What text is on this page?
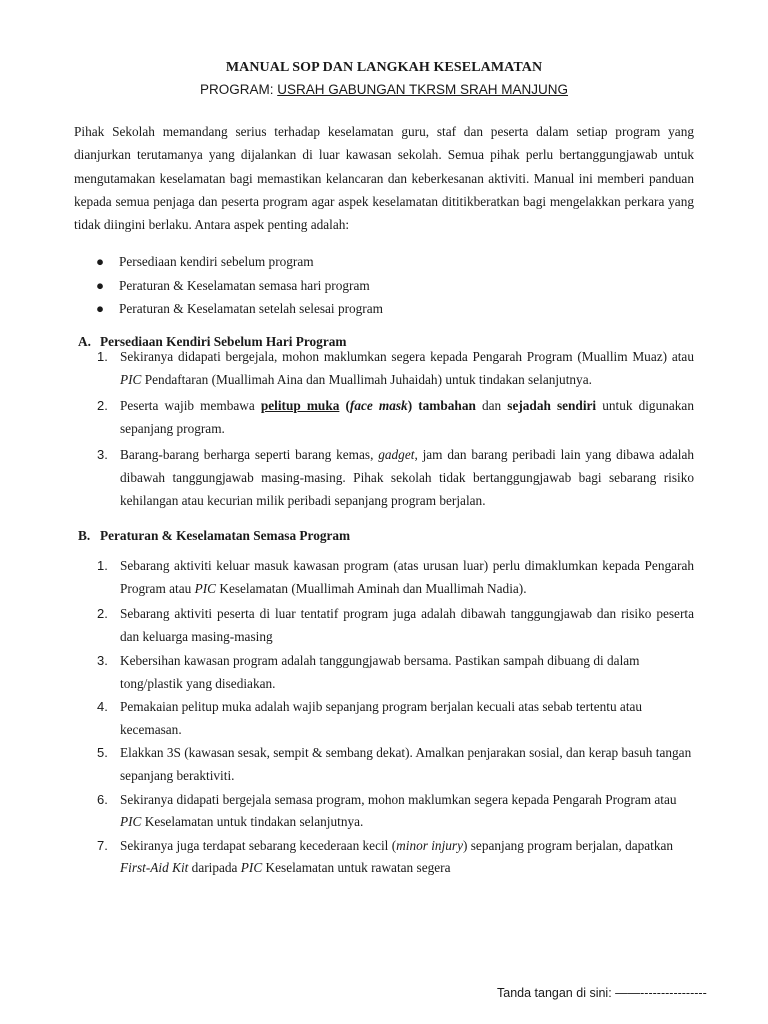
MANUAL SOP DAN LANGKAH KESELAMATAN
PROGRAM: USRAH GABUNGAN TKRSM SRAH MANJUNG

Pihak Sekolah memandang serius terhadap keselamatan guru, staf dan peserta dalam setiap program yang dianjurkan terutamanya yang dijalankan di luar kawasan sekolah. Semua pihak perlu bertanggungjawab untuk mengutamakan keselamatan bagi memastikan kelancaran dan keberkesanan aktiviti. Manual ini memberi panduan kepada semua penjaga dan peserta program agar aspek keselamatan dititikberatkan bagi mengelakkan perkara yang tidak diingini berlaku. Antara aspek penting adalah:

● Persediaan kendiri sebelum program
● Peraturan & Keselamatan semasa hari program
● Peraturan & Keselamatan setelah selesai program
A. Persediaan Kendiri Sebelum Hari Program
1. Sekiranya didapati bergejala, mohon maklumkan segera kepada Pengarah Program (Muallim Muaz) atau PIC Pendaftaran (Muallimah Aina dan Muallimah Juhaidah) untuk tindakan selanjutnya.
2. Peserta wajib membawa pelitup muka (face mask) tambahan dan sejadah sendiri untuk digunakan sepanjang program.
3. Barang-barang berharga seperti barang kemas, gadget, jam dan barang peribadi lain yang dibawa adalah dibawah tanggungjawab masing-masing. Pihak sekolah tidak bertanggungjawab bagi sebarang risiko kehilangan atau kecurian milik peribadi sepanjang program berjalan.
B. Peraturan & Keselamatan Semasa Program
1. Sebarang aktiviti keluar masuk kawasan program (atas urusan luar) perlu dimaklumkan kepada Pengarah Program atau PIC Keselamatan (Muallimah Aminah dan Muallimah Nadia).
2. Sebarang aktiviti peserta di luar tentatif program juga adalah dibawah tanggungjawab dan risiko peserta dan keluarga masing-masing
3. Kebersihan kawasan program adalah tanggungjawab bersama. Pastikan sampah dibuang di dalam tong/plastik yang disediakan.
4. Pemakaian pelitup muka adalah wajib sepanjang program berjalan kecuali atas sebab tertentu atau kecemasan.
5. Elakkan 3S (kawasan sesak, sempit & sembang dekat). Amalkan penjarakan sosial, dan kerap basuh tangan sepanjang beraktiviti.
6. Sekiranya didapati bergejala semasa program, mohon maklumkan segera kepada Pengarah Program atau PIC Keselamatan untuk tindakan selanjutnya.
7. Sekiranya juga terdapat sebarang kecederaan kecil (minor injury) sepanjang program berjalan, dapatkan First-Aid Kit daripada PIC Keselamatan untuk rawatan segera
Tanda tangan di sini: ——----------------
